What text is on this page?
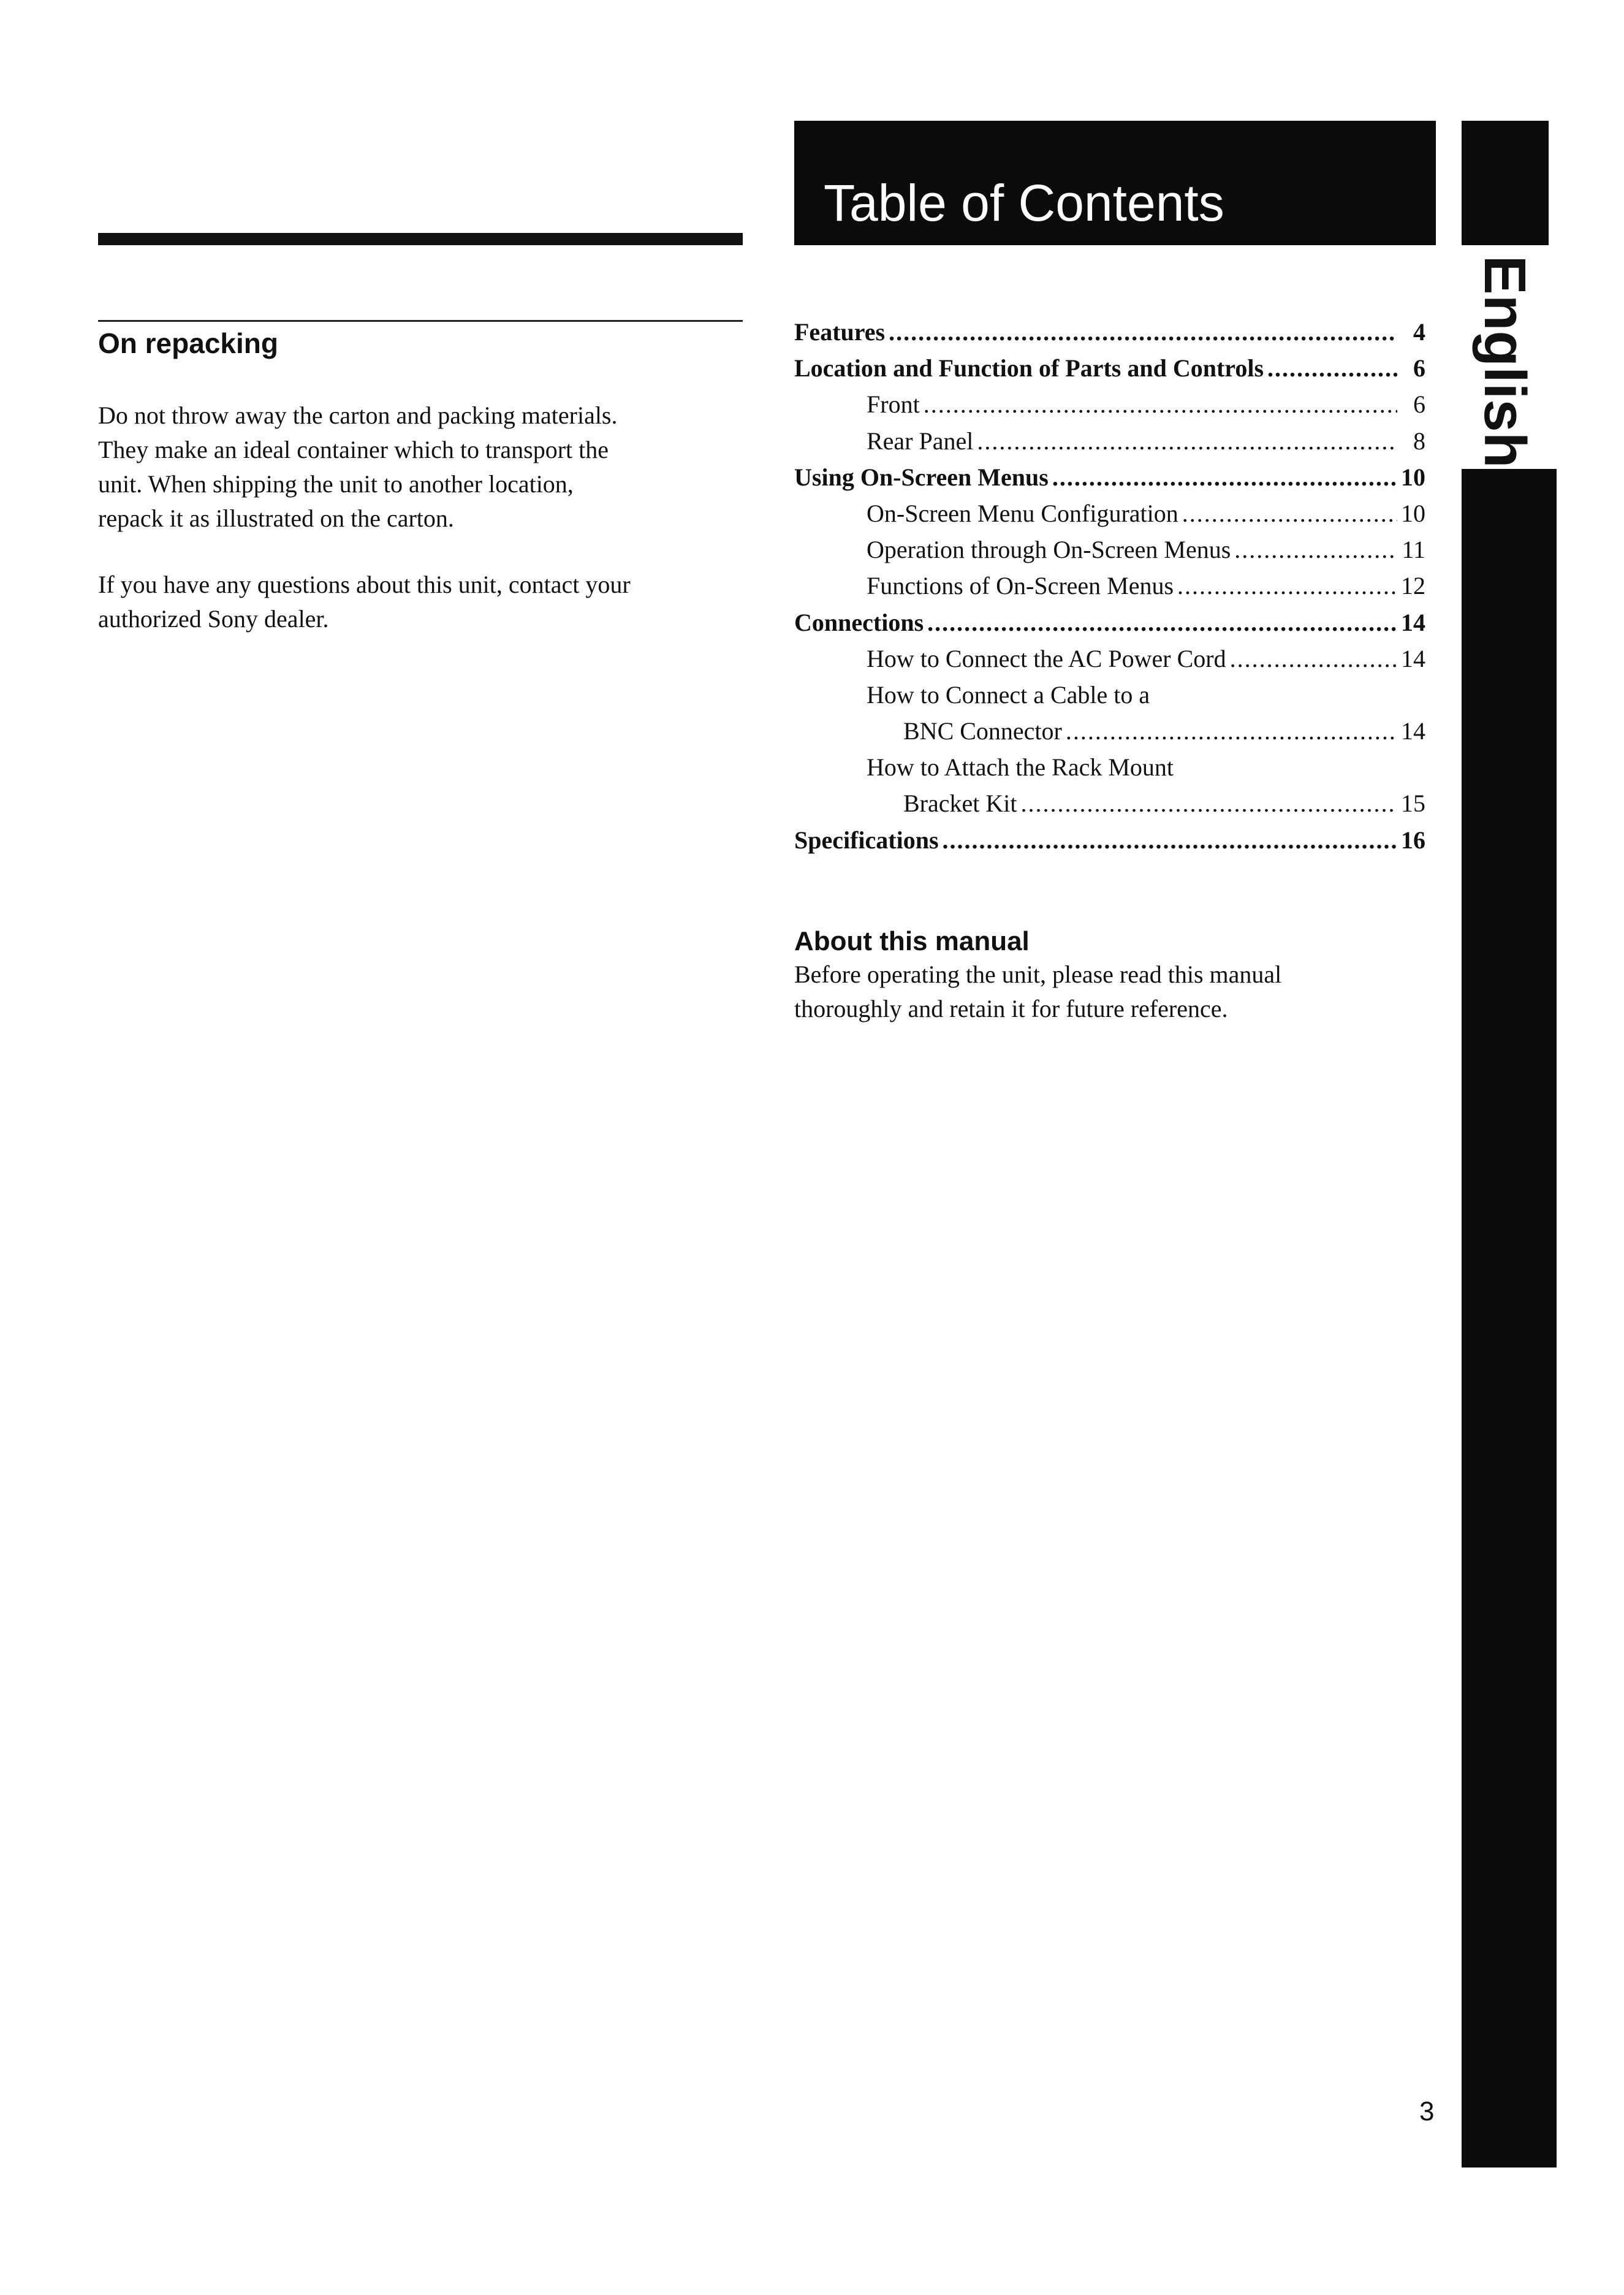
On repacking
Do not throw away the carton and packing materials.
They make an ideal container which to transport the
unit. When shipping the unit to another location,
repack it as illustrated on the carton.
If you have any questions about this unit, contact your
authorized Sony dealer.
Table of Contents
English
Features .....	4
Location and Function of Parts and Controls .....	6
Front .....	6
Rear Panel .....	8
Using On-Screen Menus .....	10
On-Screen Menu Configuration .....	10
Operation through On-Screen Menus .....	11
Functions of On-Screen Menus .....	12
Connections .....	14
How to Connect the AC Power Cord .....	14
How to Connect a Cable to a
BNC Connector .....	14
How to Attach the Rack Mount
Bracket Kit .....	15
Specifications .....	16
About this manual
Before operating the unit, please read this manual
thoroughly and retain it for future reference.
3
